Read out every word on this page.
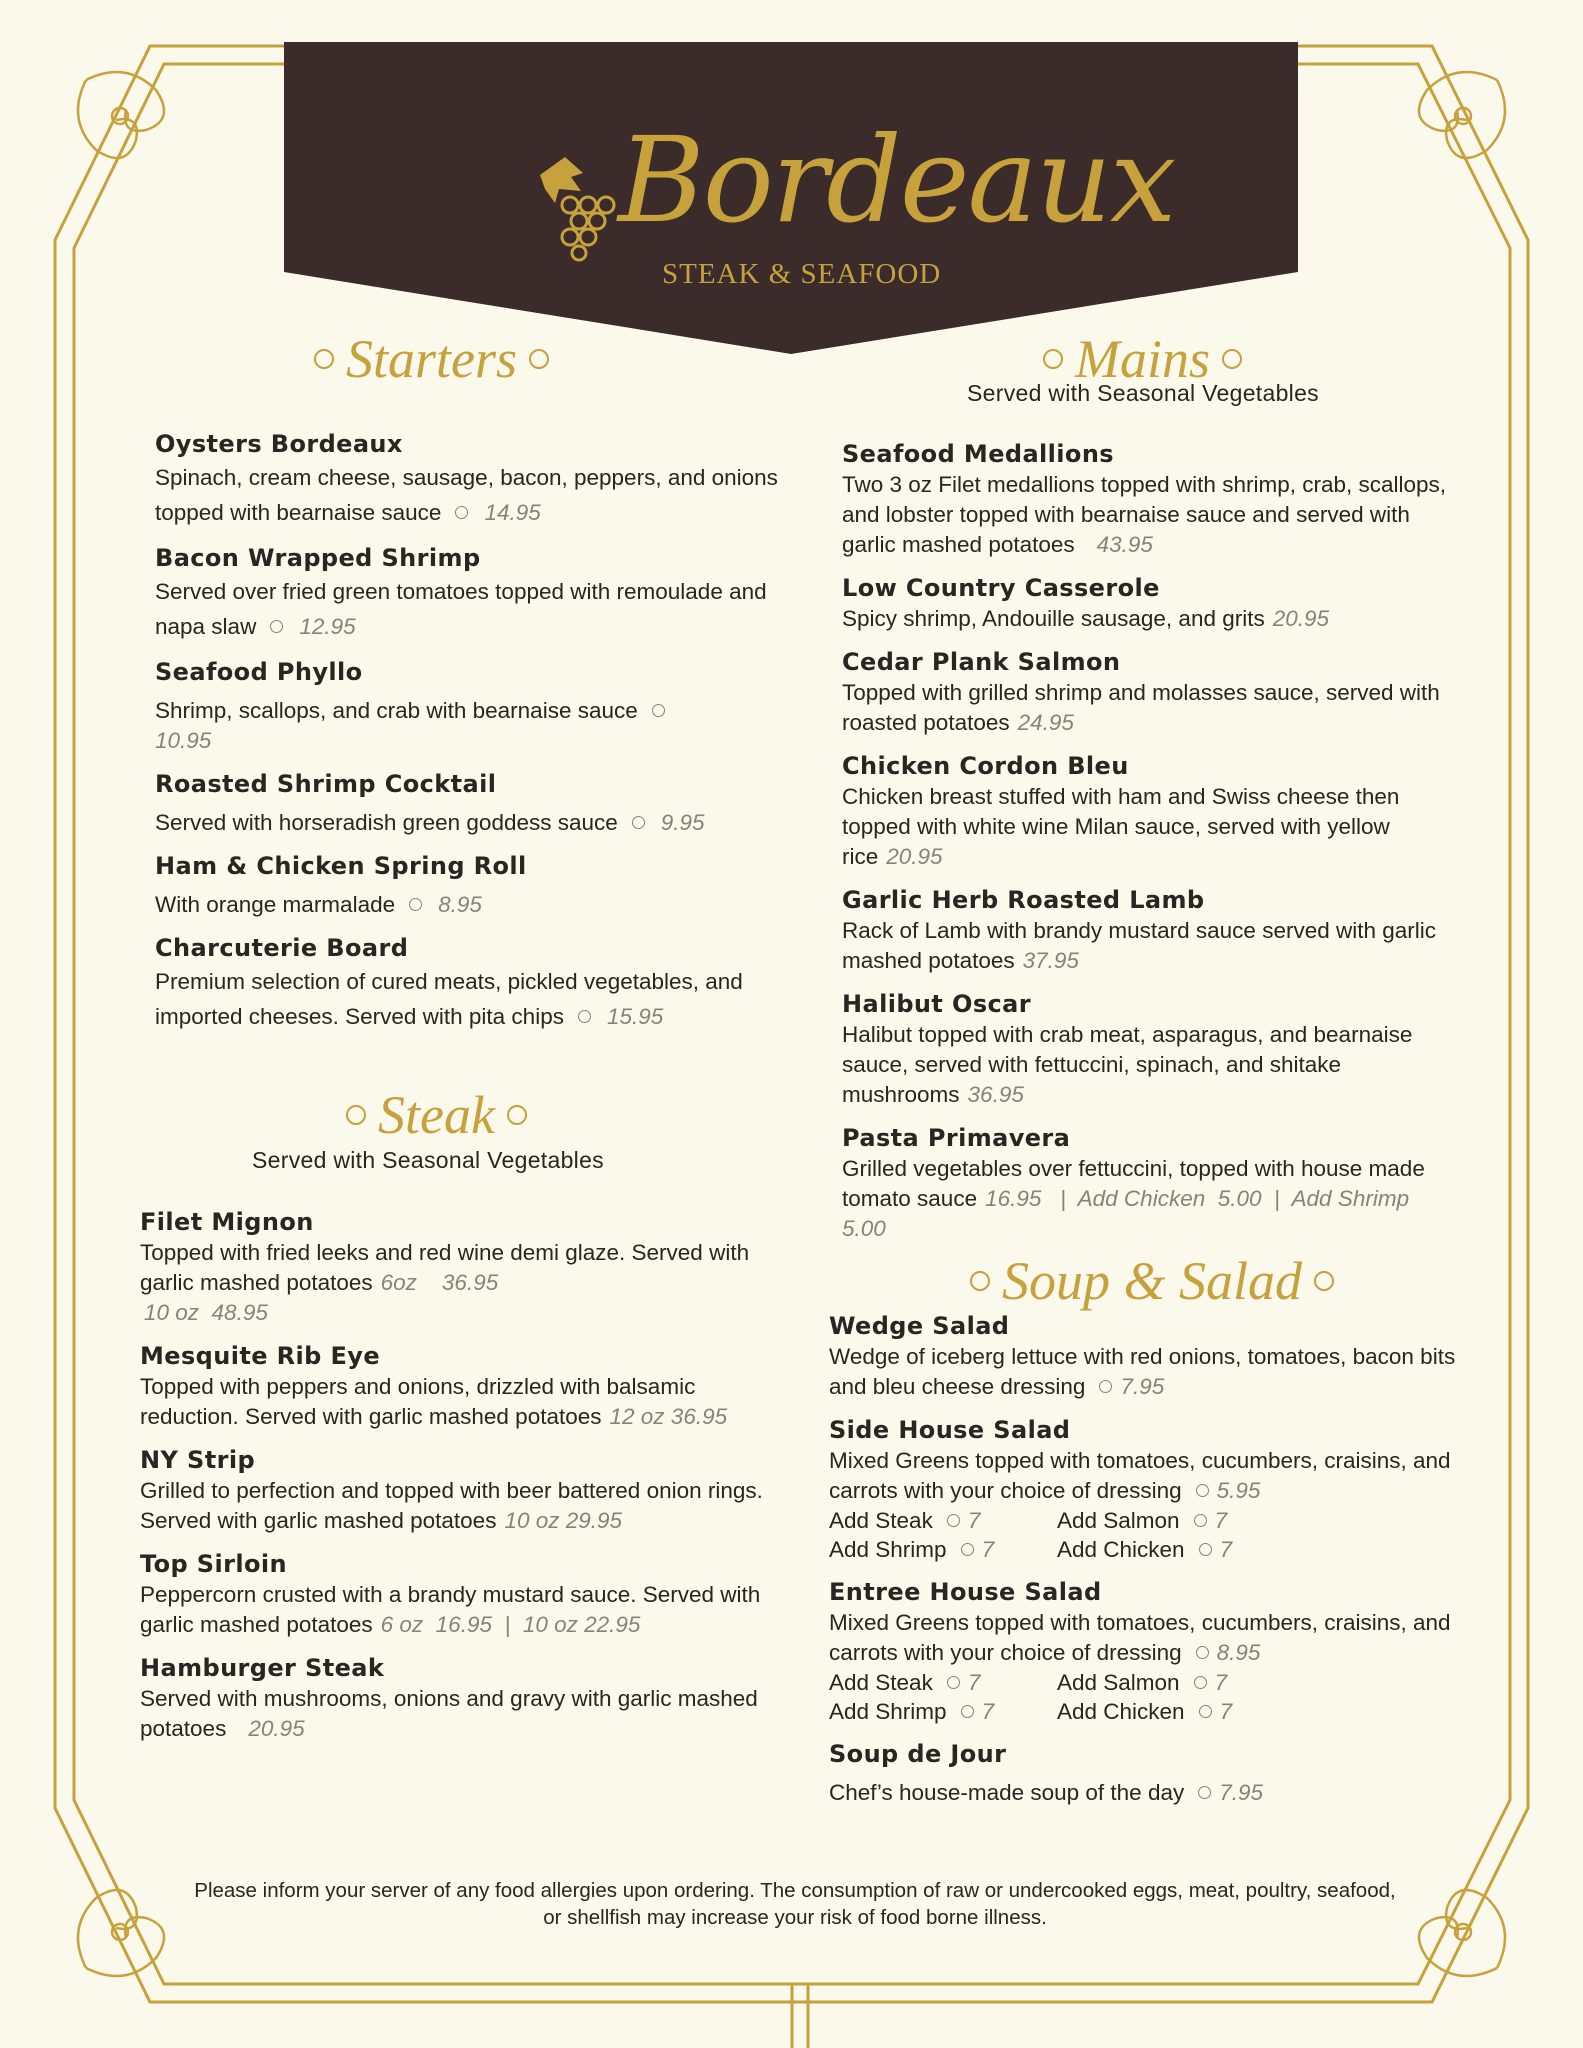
Bordeaux
STEAK & SEAFOOD
Starters	Mains
Served with Seasonal Vegetables
Steak
Served with Seasonal Vegetables
Soup & Salad
Oysters Bordeaux
Spinach, cream cheese, sausage, bacon, peppers, and onions topped with bearnaise sauce 14.95
Bacon Wrapped Shrimp
Served over fried green tomatoes topped with remoulade and napa slaw 12.95
Seafood Phyllo
Shrimp, scallops, and crab with bearnaise sauce
10.95
Roasted Shrimp Cocktail
Served with horseradish green goddess sauce 9.95
Ham & Chicken Spring Roll
With orange marmalade 8.95
Charcuterie Board
Premium selection of cured meats, pickled vegetables, and imported cheeses. Served with pita chips 15.95
Filet Mignon
Topped with fried leeks and red wine demi glaze. Served with garlic mashed potatoes 6oz    36.95
10 oz  48.95
Mesquite Rib Eye
Topped with peppers and onions, drizzled with balsamic reduction. Served with garlic mashed potatoes 12 oz 36.95
NY Strip
Grilled to perfection and topped with beer battered onion rings. Served with garlic mashed potatoes 10 oz 29.95
Top Sirloin
Peppercorn crusted with a brandy mustard sauce. Served with garlic mashed potatoes 6 oz  16.95  |  10 oz 22.95
Hamburger Steak
Served with mushrooms, onions and gravy with garlic mashed potatoes 20.95
Seafood Medallions
Two 3 oz Filet medallions topped with shrimp, crab, scallops, and lobster topped with bearnaise sauce and served with garlic mashed potatoes 43.95
Low Country Casserole
Spicy shrimp, Andouille sausage, and grits 20.95
Cedar Plank Salmon
Topped with grilled shrimp and molasses sauce, served with roasted potatoes 24.95
Chicken Cordon Bleu
Chicken breast stuffed with ham and Swiss cheese then topped with white wine Milan sauce, served with yellow rice 20.95
Garlic Herb Roasted Lamb
Rack of Lamb with brandy mustard sauce served with garlic mashed potatoes 37.95
Halibut Oscar
Halibut topped with crab meat, asparagus, and bearnaise sauce, served with fettuccini, spinach, and shitake mushrooms 36.95
Pasta Primavera
Grilled vegetables over fettuccini, topped with house made tomato sauce 16.95   |  Add Chicken  5.00  |  Add Shrimp  5.00
Wedge Salad
Wedge of iceberg lettuce with red onions, tomatoes, bacon bits and bleu cheese dressing 7.95
Side House Salad
Mixed Greens topped with tomatoes, cucumbers, craisins, and carrots with your choice of dressing 5.95
Add Steak 7	Add Salmon 7
Add Shrimp 7	Add Chicken 7
Entree House Salad
Mixed Greens topped with tomatoes, cucumbers, craisins, and carrots with your choice of dressing 8.95
Add Steak 7	Add Salmon 7
Add Shrimp 7	Add Chicken 7
Soup de Jour
Chef’s house-made soup of the day 7.95
Please inform your server of any food allergies upon ordering. The consumption of raw or undercooked eggs, meat, poultry, seafood, or shellfish may increase your risk of food borne illness.
